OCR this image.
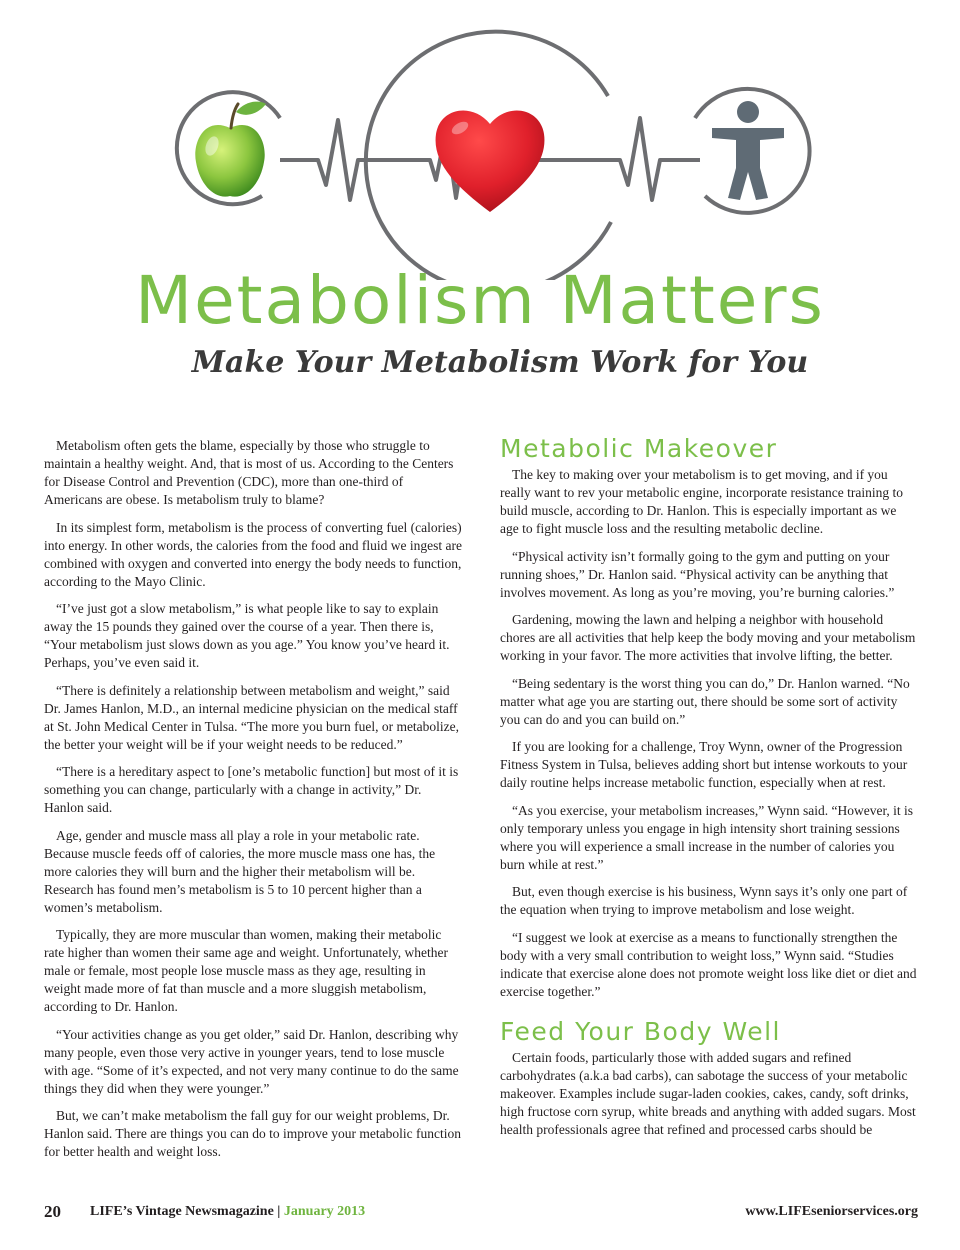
Metabolism Matters
Make Your Metabolism Work for You

Metabolism often gets the blame, especially by those who struggle to maintain a healthy weight. And, that is most of us. According to the Centers for Disease Control and Prevention (CDC), more than one-third of Americans are obese. Is metabolism truly to blame?

In its simplest form, metabolism is the process of converting fuel (calories) into energy. In other words, the calories from the food and fluid we ingest are combined with oxygen and converted into energy the body needs to function, according to the Mayo Clinic.

“I’ve just got a slow metabolism,” is what people like to say to explain away the 15 pounds they gained over the course of a year. Then there is, “Your metabolism just slows down as you age.” You know you’ve heard it. Perhaps, you’ve even said it.

“There is definitely a relationship between metabolism and weight,” said Dr. James Hanlon, M.D., an internal medicine physician on the medical staff at St. John Medical Center in Tulsa. “The more you burn fuel, or metabolize, the better your weight will be if your weight needs to be reduced.”

“There is a hereditary aspect to [one’s metabolic function] but most of it is something you can change, particularly with a change in activity,” Dr. Hanlon said.

Age, gender and muscle mass all play a role in your metabolic rate. Because muscle feeds off of calories, the more muscle mass one has, the more calories they will burn and the higher their metabolism will be. Research has found men’s metabolism is 5 to 10 percent higher than a women’s metabolism.

Typically, they are more muscular than women, making their metabolic rate higher than women their same age and weight. Unfortunately, whether male or female, most people lose muscle mass as they age, resulting in weight made more of fat than muscle and a more sluggish metabolism, according to Dr. Hanlon.

“Your activities change as you get older,” said Dr. Hanlon, describing why many people, even those very active in younger years, tend to lose muscle with age. “Some of it’s expected, and not very many continue to do the same things they did when they were younger.”

But, we can’t make metabolism the fall guy for our weight problems, Dr. Hanlon said. There are things you can do to improve your metabolic function for better health and weight loss.

Metabolic Makeover

The key to making over your metabolism is to get moving, and if you really want to rev your metabolic engine, incorporate resistance training to build muscle, according to Dr. Hanlon. This is especially important as we age to fight muscle loss and the resulting metabolic decline.

“Physical activity isn’t formally going to the gym and putting on your running shoes,” Dr. Hanlon said. “Physical activity can be anything that involves movement. As long as you’re moving, you’re burning calories.”

Gardening, mowing the lawn and helping a neighbor with household chores are all activities that help keep the body moving and your metabolism working in your favor. The more activities that involve lifting, the better.

“Being sedentary is the worst thing you can do,” Dr. Hanlon warned. “No matter what age you are starting out, there should be some sort of activity you can do and you can build on.”

If you are looking for a challenge, Troy Wynn, owner of the Progression Fitness System in Tulsa, believes adding short but intense workouts to your daily routine helps increase metabolic function, especially when at rest.

“As you exercise, your metabolism increases,” Wynn said. “However, it is only temporary unless you engage in high intensity short training sessions where you will experience a small increase in the number of calories you burn while at rest.”

But, even though exercise is his business, Wynn says it’s only one part of the equation when trying to improve metabolism and lose weight.

“I suggest we look at exercise as a means to functionally strengthen the body with a very small contribution to weight loss,” Wynn said. “Studies indicate that exercise alone does not promote weight loss like diet or diet and exercise together.”

Feed Your Body Well

Certain foods, particularly those with added sugars and refined carbohydrates (a.k.a bad carbs), can sabotage the success of your metabolic makeover. Examples include sugar-laden cookies, cakes, candy, soft drinks, high fructose corn syrup, white breads and anything with added sugars. Most health professionals agree that refined and processed carbs should be

20 LIFE’s Vintage Newsmagazine | January 2013	www.LIFEseniorservices.org
